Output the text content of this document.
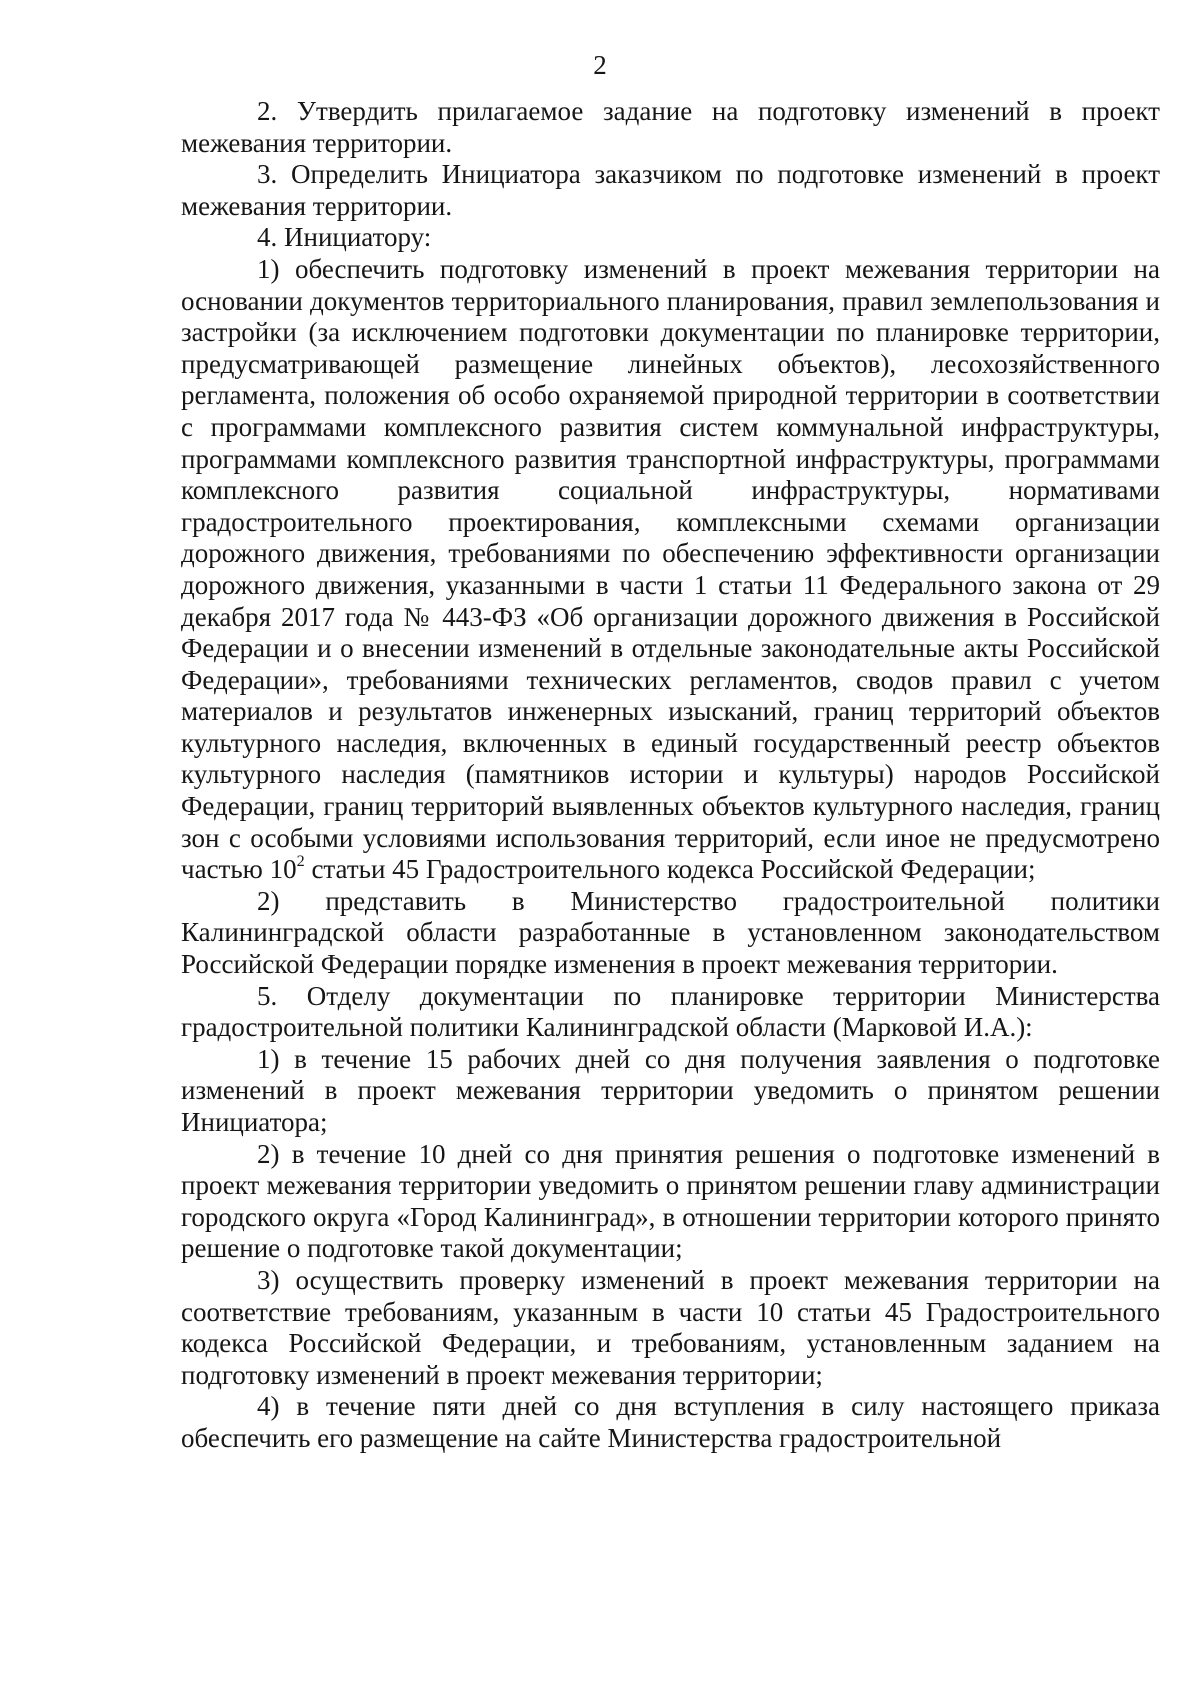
2

2. Утвердить прилагаемое задание на подготовку изменений в проект межевания территории.

3. Определить Инициатора заказчиком по подготовке изменений в проект межевания территории.

4. Инициатору:

1) обеспечить подготовку изменений в проект межевания территории на основании документов территориального планирования, правил землепользования и застройки (за исключением подготовки документации по планировке территории, предусматривающей размещение линейных объектов), лесохозяйственного регламента, положения об особо охраняемой природной территории в соответствии с программами комплексного развития систем коммунальной инфраструктуры, программами комплексного развития транспортной инфраструктуры, программами комплексного развития социальной инфраструктуры, нормативами градостроительного проектирования, комплексными схемами организации дорожного движения, требованиями по обеспечению эффективности организации дорожного движения, указанными в части 1 статьи 11 Федерального закона от 29 декабря 2017 года № 443-ФЗ «Об организации дорожного движения в Российской Федерации и о внесении изменений в отдельные законодательные акты Российской Федерации», требованиями технических регламентов, сводов правил с учетом материалов и результатов инженерных изысканий, границ территорий объектов культурного наследия, включенных в единый государственный реестр объектов культурного наследия (памятников истории и культуры) народов Российской Федерации, границ территорий выявленных объектов культурного наследия, границ зон с особыми условиями использования территорий, если иное не предусмотрено частью $10^2$ статьи 45 Градостроительного кодекса Российской Федерации;

2) представить в Министерство градостроительной политики Калининградской области разработанные в установленном законодательством Российской Федерации порядке изменения в проект межевания территории.

5. Отделу документации по планировке территории Министерства градостроительной политики Калининградской области (Марковой И.А.):

1) в течение 15 рабочих дней со дня получения заявления о подготовке изменений в проект межевания территории уведомить о принятом решении Инициатора;

2) в течение 10 дней со дня принятия решения о подготовке изменений в проект межевания территории уведомить о принятом решении главу администрации городского округа «Город Калининград», в отношении территории которого принято решение о подготовке такой документации;

3) осуществить проверку изменений в проект межевания территории на соответствие требованиям, указанным в части 10 статьи 45 Градостроительного кодекса Российской Федерации, и требованиям, установленным заданием на подготовку изменений в проект межевания территории;

4) в течение пяти дней со дня вступления в силу настоящего приказа обеспечить его размещение на сайте Министерства градостроительной
